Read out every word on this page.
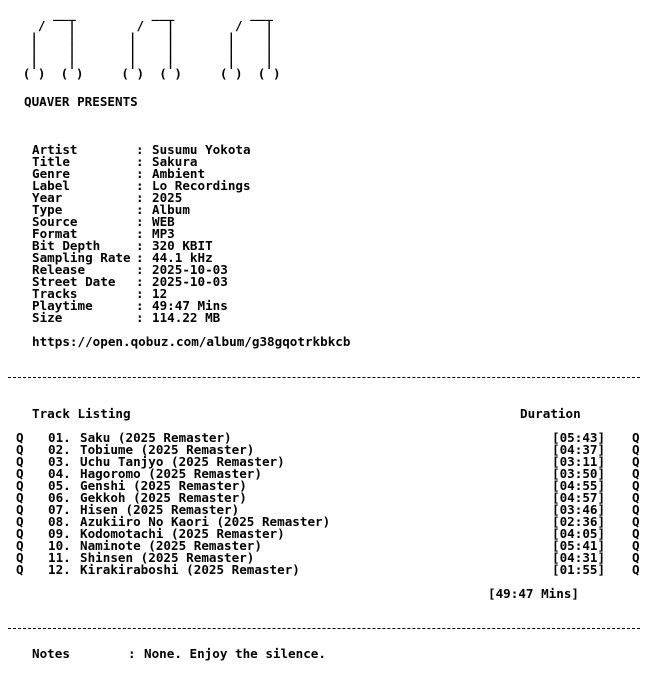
___          ___          ___
/   |        /   |        /   |
|    |       |    |       |    |
|    |       |    |       |    |
|    |       |    |       |    |
( )  ( )     ( )  ( )     ( )  ( )
QUAVER PRESENTS
Artist	: Susumu Yokota
Title	: Sakura
Genre	: Ambient
Label	: Lo Recordings
Year	: 2025
Type	: Album
Source	: WEB
Format	: MP3
Bit Depth	: 320 KBIT
Sampling Rate : 44.1 kHz
Release	: 2025-10-03
Street Date	: 2025-10-03
Tracks	: 12
Playtime	: 49:47 Mins
Size	: 114.22 MB
https://open.qobuz.com/album/g38gqotrkbkcb
Track Listing	Duration
Q 01. Saku (2025 Remaster)	[05:43] Q
Q 02. Tobiume (2025 Remaster)	[04:37] Q
Q 03. Uchu Tanjyo (2025 Remaster)	[03:11] Q
Q 04. Hagoromo (2025 Remaster)	[03:50] Q
Q 05. Genshi (2025 Remaster)	[04:55] Q
Q 06. Gekkoh (2025 Remaster)	[04:57] Q
Q 07. Hisen (2025 Remaster)	[03:46] Q
Q 08. Azukiiro No Kaori (2025 Remaster)	[02:36] Q
Q 09. Kodomotachi (2025 Remaster)	[04:05] Q
Q 10. Naminote (2025 Remaster)	[05:41] Q
Q 11. Shinsen (2025 Remaster)	[04:31] Q
Q 12. Kirakiraboshi (2025 Remaster)	[01:55] Q
[49:47 Mins]
Notes	: None. Enjoy the silence.
